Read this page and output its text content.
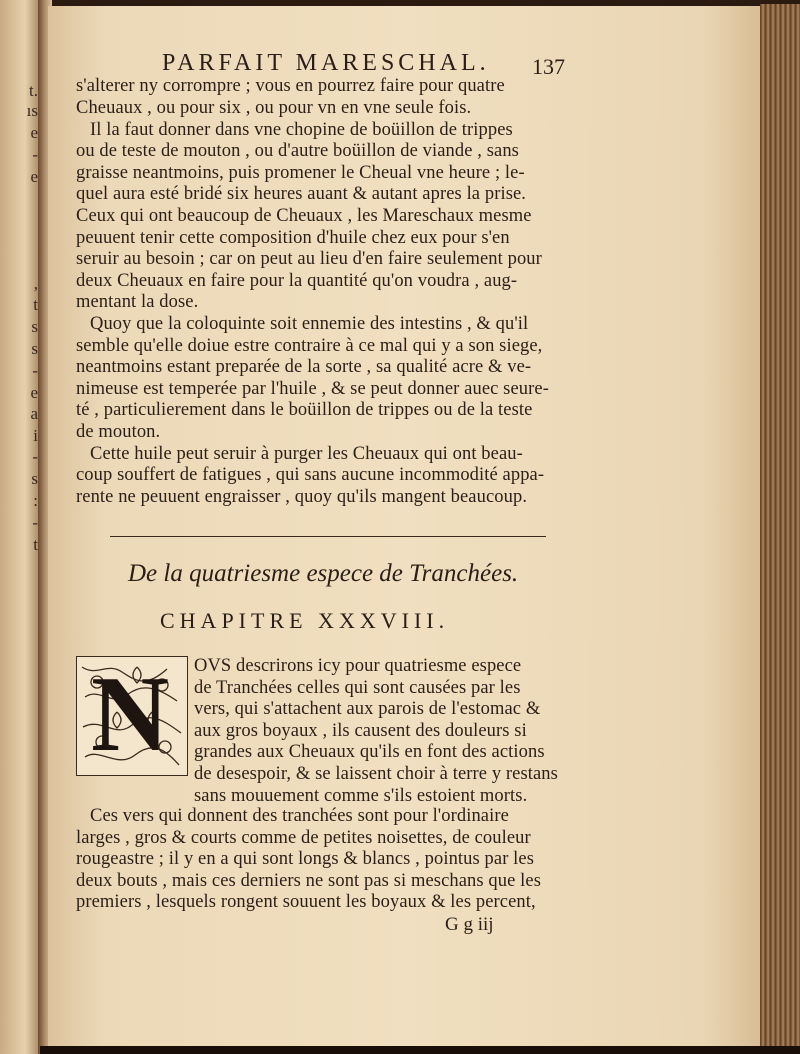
t.
ıs
e
-
e
,
t
s
s
-
e
a
i
-
s
:
-
t
PARFAIT MARESCHAL. 137
s'alterer ny corrompre ; vous en pourrez faire pour quatre
Cheuaux , ou pour six , ou pour vn en vne seule fois.
Il la faut donner dans vne chopine de boüillon de trippes
ou de teste de mouton , ou d'autre boüillon de viande , sans
graisse neantmoins, puis promener le Cheual vne heure ; le-
quel aura esté bridé six heures auant & autant apres la prise.
Ceux qui ont beaucoup de Cheuaux , les Mareschaux mesme
peuuent tenir cette composition d'huile chez eux pour s'en
seruir au besoin ; car on peut au lieu d'en faire seulement pour
deux Cheuaux en faire pour la quantité qu'on voudra , aug-
mentant la dose.
Quoy que la coloquinte soit ennemie des intestins , & qu'il
semble qu'elle doiue estre contraire à ce mal qui y a son siege,
neantmoins estant preparée de la sorte , sa qualité acre & ve-
nimeuse est temperée par l'huile , & se peut donner auec seure-
té , particulierement dans le boüillon de trippes ou de la teste
de mouton.
Cette huile peut seruir à purger les Cheuaux qui ont beau-
coup souffert de fatigues , qui sans aucune incommodité appa-
rente ne peuuent engraisser , quoy qu'ils mangent beaucoup.
OVS descrirons icy pour quatriesme espece
de Tranchées celles qui sont causées par les
vers, qui s'attachent aux parois de l'estomac &
aux gros boyaux , ils causent des douleurs si
grandes aux Cheuaux qu'ils en font des actions
de desespoir, & se laissent choir à terre y restans
sans mouuement comme s'ils estoient morts.
Ces vers qui donnent des tranchées sont pour l'ordinaire
larges , gros & courts comme de petites noisettes, de couleur
rougeastre ; il y en a qui sont longs & blancs , pointus par les
deux bouts , mais ces derniers ne sont pas si meschans que les
premiers , lesquels rongent souuent les boyaux & les percent,
De la quatriesme espece de Tranchées.
CHAPITRE XXXVIII.
N
G g iij
